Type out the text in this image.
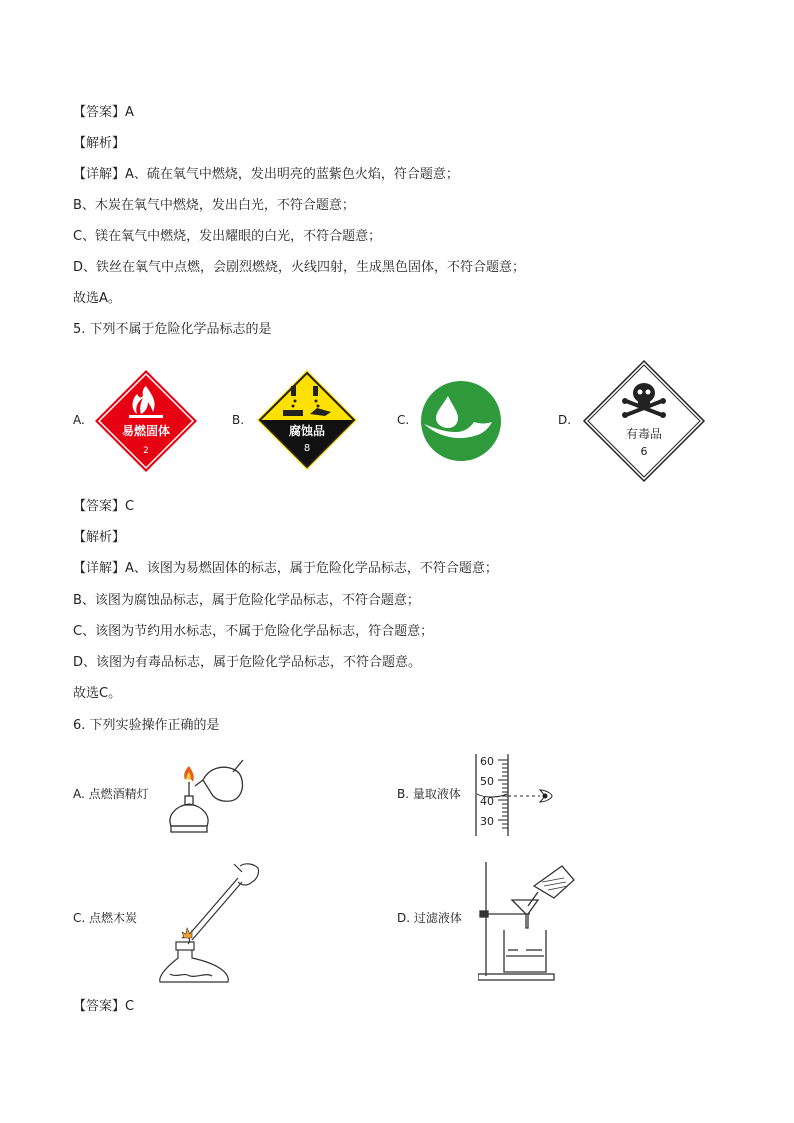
【答案】A
【解析】
【详解】A、硫在氧气中燃烧，发出明亮的蓝紫色火焰，符合题意；
B、木炭在氧气中燃烧，发出白光，不符合题意；
C、镁在氧气中燃烧，发出耀眼的白光，不符合题意；
D、铁丝在氧气中点燃，会剧烈燃烧，火线四射，生成黑色固体，不符合题意；
故选A。
5. 下列不属于危险化学品标志的是
A.
易燃固体
2
B.
腐蚀品
8
C.	D.
有毒品
6
【答案】C
【解析】
【详解】A、该图为易燃固体的标志，属于危险化学品标志，不符合题意；
B、该图为腐蚀品标志，属于危险化学品标志，不符合题意；
C、该图为节约用水标志，不属于危险化学品标志，符合题意；
D、该图为有毒品标志，属于危险化学品标志，不符合题意。
故选C。
6. 下列实验操作正确的是
A. 点燃酒精灯	B. 量取液体
60
50
40
30
C. 点燃木炭	D. 过滤液体
【答案】C
